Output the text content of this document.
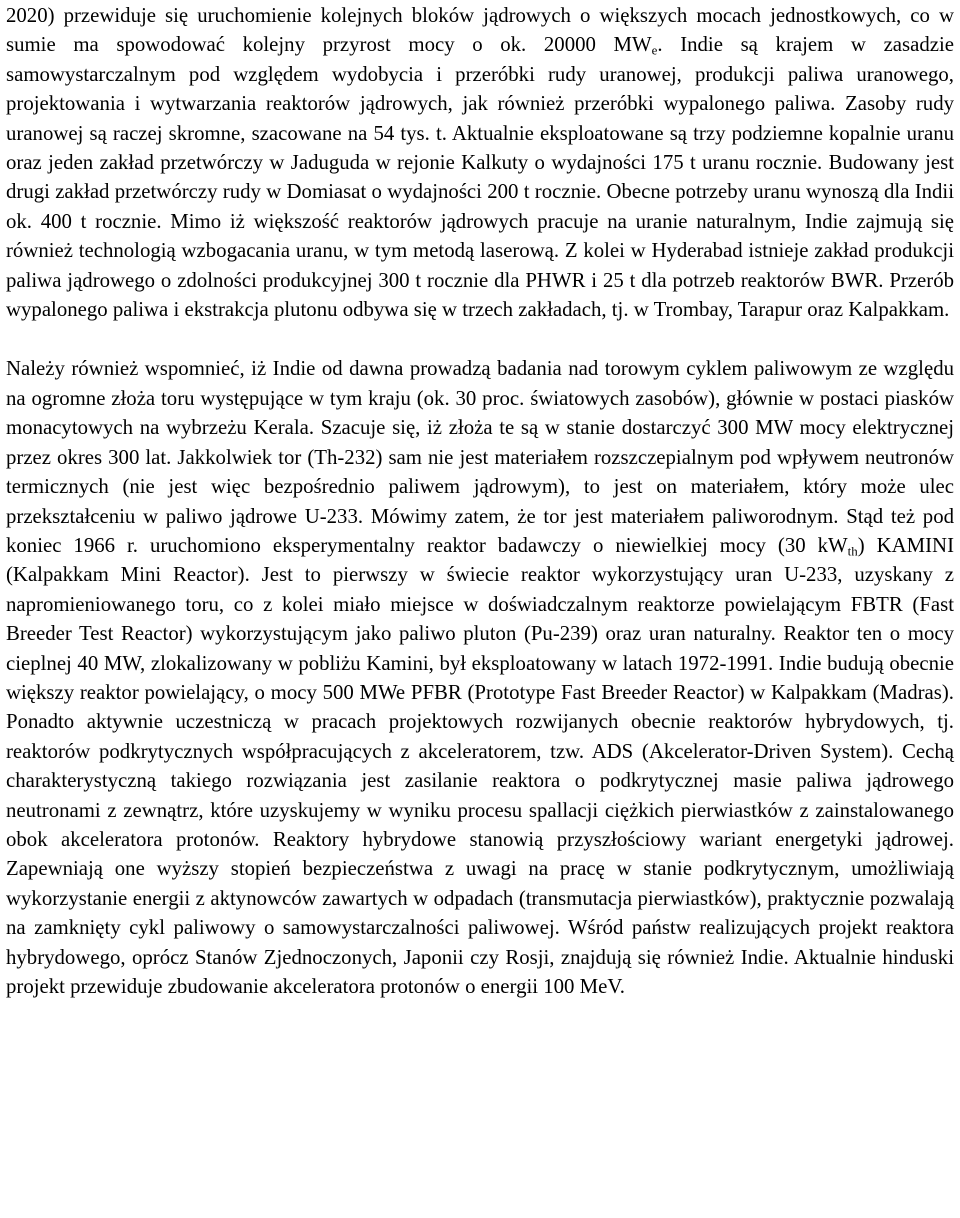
2020) przewiduje się uruchomienie kolejnych bloków jądrowych o większych mocach jednostkowych, co w sumie ma spowodować kolejny przyrost mocy o ok. 20000 $MW_e$. Indie są krajem w zasadzie samowystarczalnym pod względem wydobycia i przeróbki rudy uranowej, produkcji paliwa uranowego, projektowania i wytwarzania reaktorów jądrowych, jak również przeróbki wypalonego paliwa. Zasoby rudy uranowej są raczej skromne, szacowane na 54 tys. t. Aktualnie eksploatowane są trzy podziemne kopalnie uranu oraz jeden zakład przetwórczy w Jaduguda w rejonie Kalkuty o wydajności 175 t uranu rocznie. Budowany jest drugi zakład przetwórczy rudy w Domiasat o wydajności 200 t rocznie. Obecne potrzeby uranu wynoszą dla Indii ok. 400 t rocznie. Mimo iż większość reaktorów jądrowych pracuje na uranie naturalnym, Indie zajmują się również technologią wzbogacania uranu, w tym metodą laserową. Z kolei w Hyderabad istnieje zakład produkcji paliwa jądrowego o zdolności produkcyjnej 300 t rocznie dla PHWR i 25 t dla potrzeb reaktorów BWR. Przerób wypalonego paliwa i ekstrakcja plutonu odbywa się w trzech zakładach, tj. w Trombay, Tarapur oraz Kalpakkam.

Należy również wspomnieć, iż Indie od dawna prowadzą badania nad torowym cyklem paliwowym ze względu na ogromne złoża toru występujące w tym kraju (ok. 30 proc. światowych zasobów), głównie w postaci piasków monacytowych na wybrzeżu Kerala. Szacuje się, iż złoża te są w stanie dostarczyć 300 MW mocy elektrycznej przez okres 300 lat. Jakkolwiek tor (Th-232) sam nie jest materiałem rozszczepialnym pod wpływem neutronów termicznych (nie jest więc bezpośrednio paliwem jądrowym), to jest on materiałem, który może ulec przekształceniu w paliwo jądrowe U-233. Mówimy zatem, że tor jest materiałem paliworodnym. Stąd też pod koniec 1966 r. uruchomiono eksperymentalny reaktor badawczy o niewielkiej mocy (30 $kW_{th}$) KAMINI (Kalpakkam Mini Reactor). Jest to pierwszy w świecie reaktor wykorzystujący uran U-233, uzyskany z napromieniowanego toru, co z kolei miało miejsce w doświadczalnym reaktorze powielającym FBTR (Fast Breeder Test Reactor) wykorzystującym jako paliwo pluton (Pu-239) oraz uran naturalny. Reaktor ten o mocy cieplnej 40 MW, zlokalizowany w pobliżu Kamini, był eksploatowany w latach 1972-1991. Indie budują obecnie większy reaktor powielający, o mocy 500 MWe PFBR (Prototype Fast Breeder Reactor) w Kalpakkam (Madras). Ponadto aktywnie uczestniczą w pracach projektowych rozwijanych obecnie reaktorów hybrydowych, tj. reaktorów podkrytycznych współpracujących z akceleratorem, tzw. ADS (Akcelerator-Driven System). Cechą charakterystyczną takiego rozwiązania jest zasilanie reaktora o podkrytycznej masie paliwa jądrowego neutronami z zewnątrz, które uzyskujemy w wyniku procesu spallacji ciężkich pierwiastków z zainstalowanego obok akceleratora protonów. Reaktory hybrydowe stanowią przyszłościowy wariant energetyki jądrowej. Zapewniają one wyższy stopień bezpieczeństwa z uwagi na pracę w stanie podkrytycznym, umożliwiają wykorzystanie energii z aktynowców zawartych w odpadach (transmutacja pierwiastków), praktycznie pozwalają na zamknięty cykl paliwowy o samowystarczalności paliwowej. Wśród państw realizujących projekt reaktora hybrydowego, oprócz Stanów Zjednoczonych, Japonii czy Rosji, znajdują się również Indie. Aktualnie hinduski projekt przewiduje zbudowanie akceleratora protonów o energii 100 MeV.
